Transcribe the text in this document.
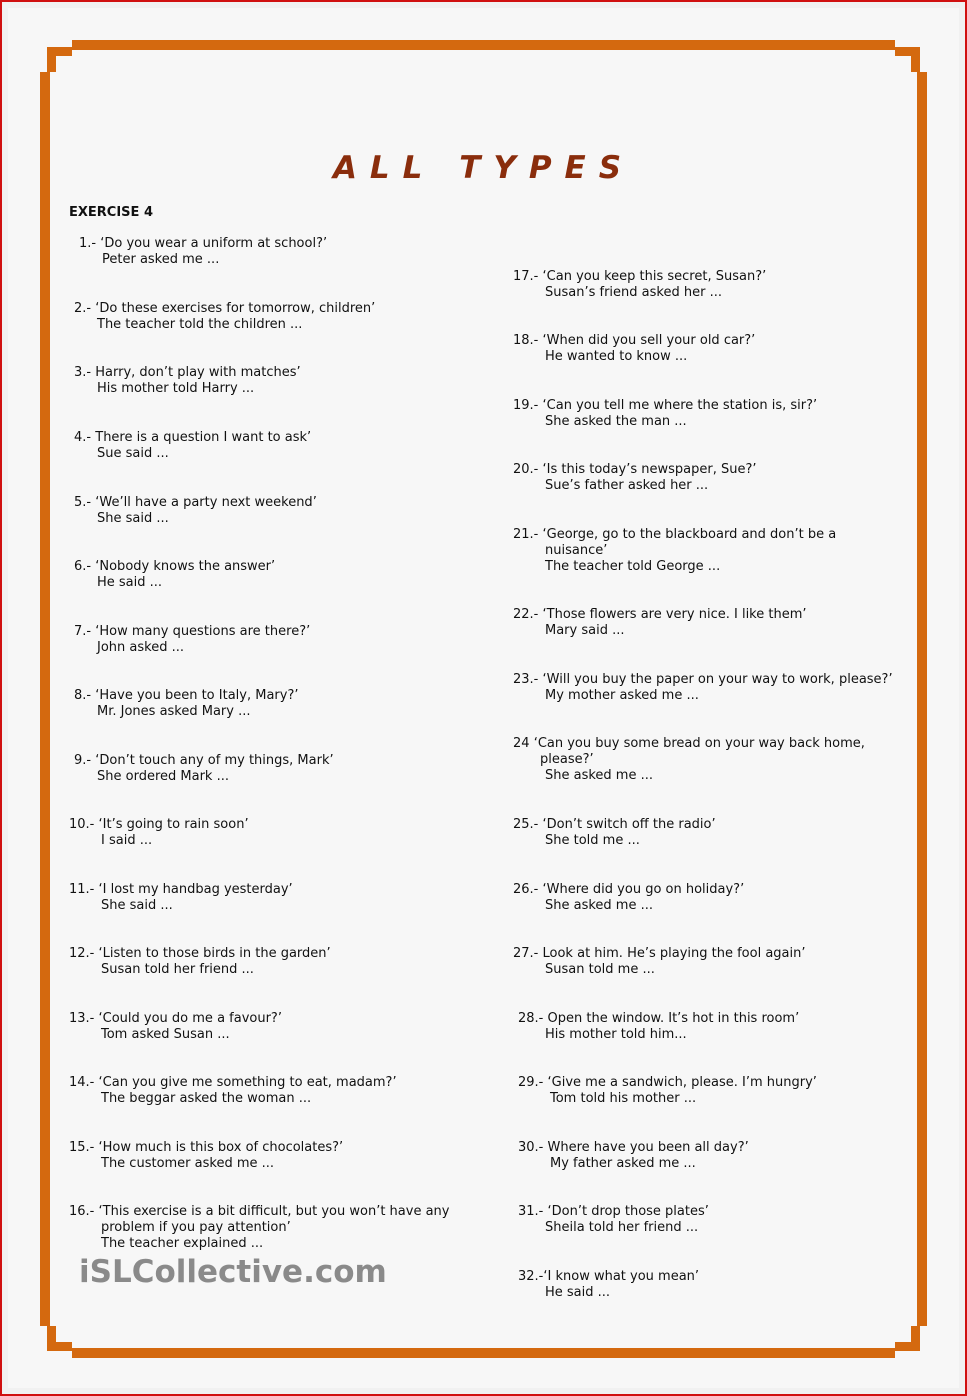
ALL TYPES
EXERCISE 4
1.- ‘Do you wear a uniform at school?’
Peter asked me ...
2.- ‘Do these exercises for tomorrow, children’
The teacher told the children ...
3.- Harry, don’t play with matches’
His mother told Harry ...
4.- There is a question I want to ask’
Sue said ...
5.- ‘We’ll have a party next weekend’
She said ...
6.- ‘Nobody knows the answer’
He said ...
7.- ‘How many questions are there?’
John asked ...
8.- ‘Have you been to Italy, Mary?’
Mr. Jones asked Mary ...
9.- ‘Don’t touch any of my things, Mark’
She ordered Mark ...
10.- ‘It’s going to rain soon’
I said ...
11.- ‘I lost my handbag yesterday’
She said ...
12.- ‘Listen to those birds in the garden’
Susan told her friend ...
13.- ‘Could you do me a favour?’
Tom asked Susan ...
14.- ‘Can you give me something to eat, madam?’
The beggar asked the woman ...
15.- ‘How much is this box of chocolates?’
The customer asked me ...
16.- ‘This exercise is a bit difficult, but you won’t have any
problem if you pay attention’
The teacher explained ...
iSLCollective.com
17.- ‘Can you keep this secret, Susan?’
Susan’s friend asked her ...
18.- ‘When did you sell your old car?’
He wanted to know ...
19.- ‘Can you tell me where the station is, sir?’
She asked the man ...
20.- ‘Is this today’s newspaper, Sue?’
Sue’s father asked her ...
21.- ‘George, go to the blackboard and don’t be a
nuisance’
The teacher told George ...
22.- ‘Those flowers are very nice. I like them’
Mary said ...
23.- ‘Will you buy the paper on your way to work, please?’
My mother asked me ...
24 ‘Can you buy some bread on your way back home,
please?’
She asked me ...
25.- ‘Don’t switch off the radio’
She told me ...
26.- ‘Where did you go on holiday?’
She asked me ...
27.- Look at him. He’s playing the fool again’
Susan told me ...
28.- Open the window. It’s hot in this room’
His mother told him...
29.- ‘Give me a sandwich, please. I’m hungry’
Tom told his mother ...
30.- Where have you been all day?’
My father asked me ...
31.- ‘Don’t drop those plates’
Sheila told her friend ...
32.-‘I know what you mean’
He said ...
